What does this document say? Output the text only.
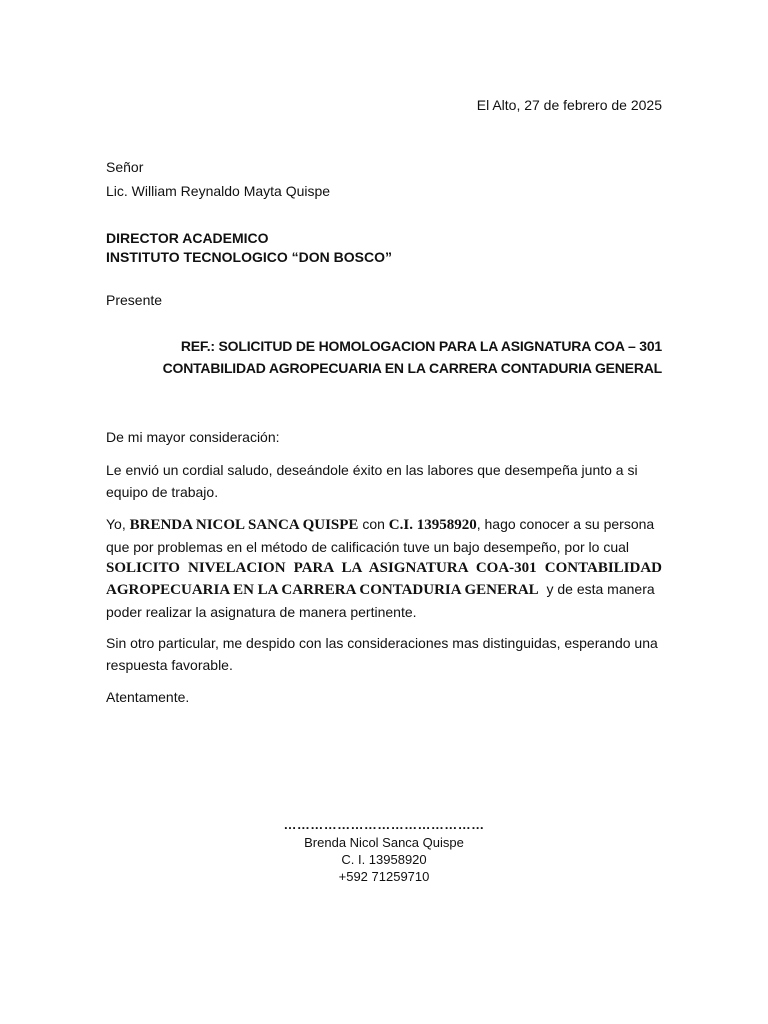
El Alto, 27 de febrero de 2025
Señor
Lic. William Reynaldo Mayta Quispe
DIRECTOR ACADEMICO
INSTITUTO TECNOLOGICO “DON BOSCO”
Presente
REF.: SOLICITUD DE HOMOLOGACION PARA LA ASIGNATURA COA – 301
CONTABILIDAD AGROPECUARIA EN LA CARRERA CONTADURIA GENERAL
De mi mayor consideración:

Le envió un cordial saludo, deseándole éxito en las labores que desempeña junto a si equipo de trabajo.

Yo, BRENDA NICOL SANCA QUISPE con C.I. 13958920, hago conocer a su persona que por problemas en el método de calificación tuve un bajo desempeño, por lo cual
SOLICITO NIVELACION PARA LA ASIGNATURA COA-301 CONTABILIDAD
AGROPECUARIA EN LA CARRERA CONTADURIA GENERAL  y de esta manera
poder realizar la asignatura de manera pertinente.

Sin otro particular, me despido con las consideraciones mas distinguidas, esperando una respuesta favorable.

Atentamente.
………………………………………
Brenda Nicol Sanca Quispe
C. I. 13958920
+592 71259710
